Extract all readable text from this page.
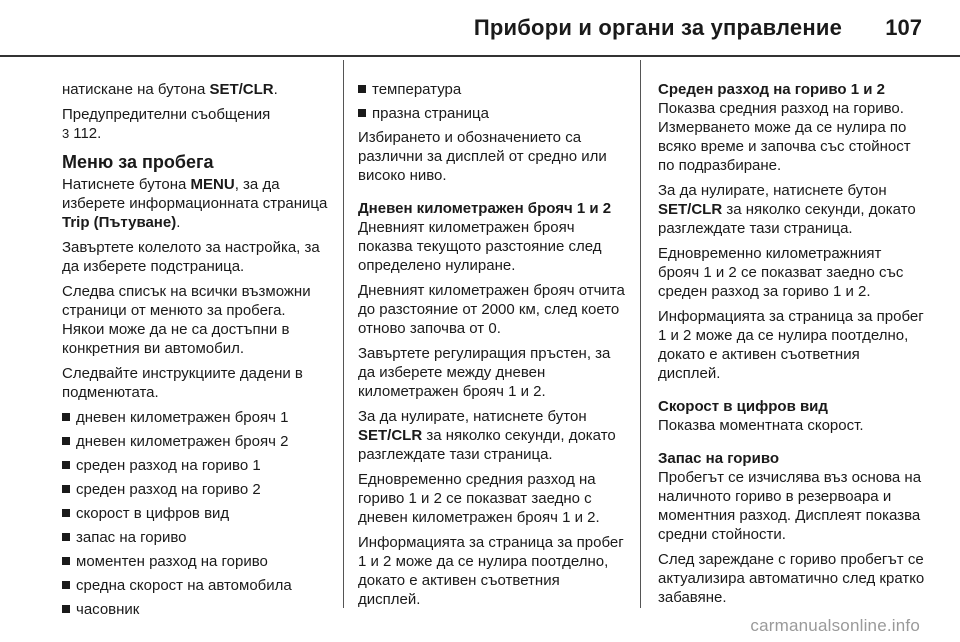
Прибори и органи за управление 107

натискане на бутона SET/CLR.

Предупредителни съобщения
3 112.

Меню за пробега

Натиснете бутона MENU, за да изберете информационната страница Trip (Пътуване).

Завъртете колелото за настройка, за да изберете подстраница.

Следва списък на всички възможни страници от менюто за пробега. Някои може да не са достъпни в конкретния ви автомобил.

Следвайте инструкциите дадени в подменютата.

дневен километражен брояч 1
дневен километражен брояч 2
среден разход на гориво 1
среден разход на гориво 2
скорост в цифров вид
запас на гориво
моментен разход на гориво
средна скорост на автомобила
часовник
температура
празна страница

Избирането и обозначението са различни за дисплей от средно или високо ниво.

Дневен километражен брояч 1 и 2

Дневният километражен брояч показва текущото разстояние след определено нулиране.

Дневният километражен брояч отчита до разстояние от 2000 км, след което отново започва от 0.

Завъртете регулиращия пръстен, за да изберете между дневен километражен брояч 1 и 2.

За да нулирате, натиснете бутон SET/CLR за няколко секунди, докато разглеждате тази страница.

Едновременно средния разход на гориво 1 и 2 се показват заедно с дневен километражен брояч 1 и 2.

Информацията за страница за пробег 1 и 2 може да се нулира поотделно, докато е активен съответния дисплей.

Среден разход на гориво 1 и 2

Показва средния разход на гориво. Измерването може да се нулира по всяко време и започва със стойност по подразбиране.

За да нулирате, натиснете бутон SET/CLR за няколко секунди, докато разглеждате тази страница.

Едновременно километражният брояч 1 и 2 се показват заедно със среден разход за гориво 1 и 2.

Информацията за страница за пробег 1 и 2 може да се нулира поотделно, докато е активен съответния дисплей.

Скорост в цифров вид

Показва моментната скорост.

Запас на гориво

Пробегът се изчислява въз основа на наличното гориво в резервоара и моментния разход. Дисплеят показва средни стойности.

След зареждане с гориво пробегът се актуализира автоматично след кратко забавяне.

carmanualsonline.info
